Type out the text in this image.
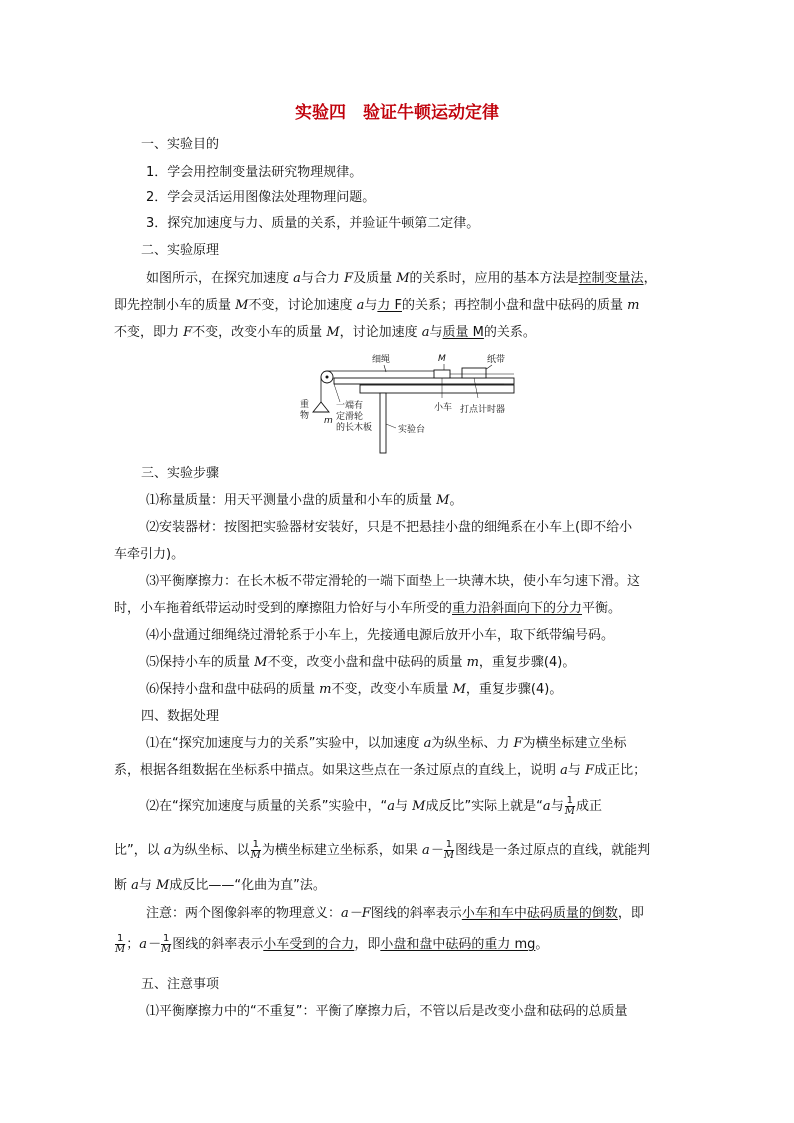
实验四　验证牛顿运动定律
一、实验目的
1．学会用控制变量法研究物理规律。
2．学会灵活运用图像法处理物理问题。
3．探究加速度与力、质量的关系，并验证牛顿第二定律。
二、实验原理
如图所示，在探究加速度 a与合力 F及质量 M的关系时，应用的基本方法是控制变量法，
即先控制小车的质量 M不变，讨论加速度 a与力 F的关系；再控制小盘和盘中砝码的质量 m
不变，即力 F不变，改变小车的质量 M，讨论加速度 a与质量 M的关系。
细绳	M	纸带
重
物 m
一端有
定滑轮
的长木板
小车 打点计时器
实验台
三、实验步骤
⑴称量质量：用天平测量小盘的质量和小车的质量 M。
⑵安装器材：按图把实验器材安装好，只是不把悬挂小盘的细绳系在小车上(即不给小
车牵引力)。
⑶平衡摩擦力：在长木板不带定滑轮的一端下面垫上一块薄木块，使小车匀速下滑。这
时，小车拖着纸带运动时受到的摩擦阻力恰好与小车所受的重力沿斜面向下的分力平衡。
⑷小盘通过细绳绕过滑轮系于小车上，先接通电源后放开小车，取下纸带编号码。
⑸保持小车的质量 M不变，改变小盘和盘中砝码的质量 m，重复步骤(4)。
⑹保持小盘和盘中砝码的质量 m不变，改变小车质量 M，重复步骤(4)。
四、数据处理
⑴在“探究加速度与力的关系”实验中，以加速度 a为纵坐标、力 F为横坐标建立坐标
系，根据各组数据在坐标系中描点。如果这些点在一条过原点的直线上，说明 a与 F成正比；
⑵在“探究加速度与质量的关系”实验中，“a与 M成反比”实际上就是“a与 $\frac{1}{M}$ 成正
比”，以 a为纵坐标、以 $\frac{1}{M}$ 为横坐标建立坐标系，如果 $a- \frac{1}{M}$ 图线是一条过原点的直线，就能判
断 a与 M成反比——“化曲为直”法。
注意：两个图像斜率的物理意义：a－F图线的斜率表示小车和车中砝码质量的倒数，即
$\frac{1}{M}$ ；$a- \frac{1}{M}$ 图线的斜率表示小车受到的合力，即小盘和盘中砝码的重力 mg。
五、注意事项
⑴平衡摩擦力中的“不重复”：平衡了摩擦力后，不管以后是改变小盘和砝码的总质量
